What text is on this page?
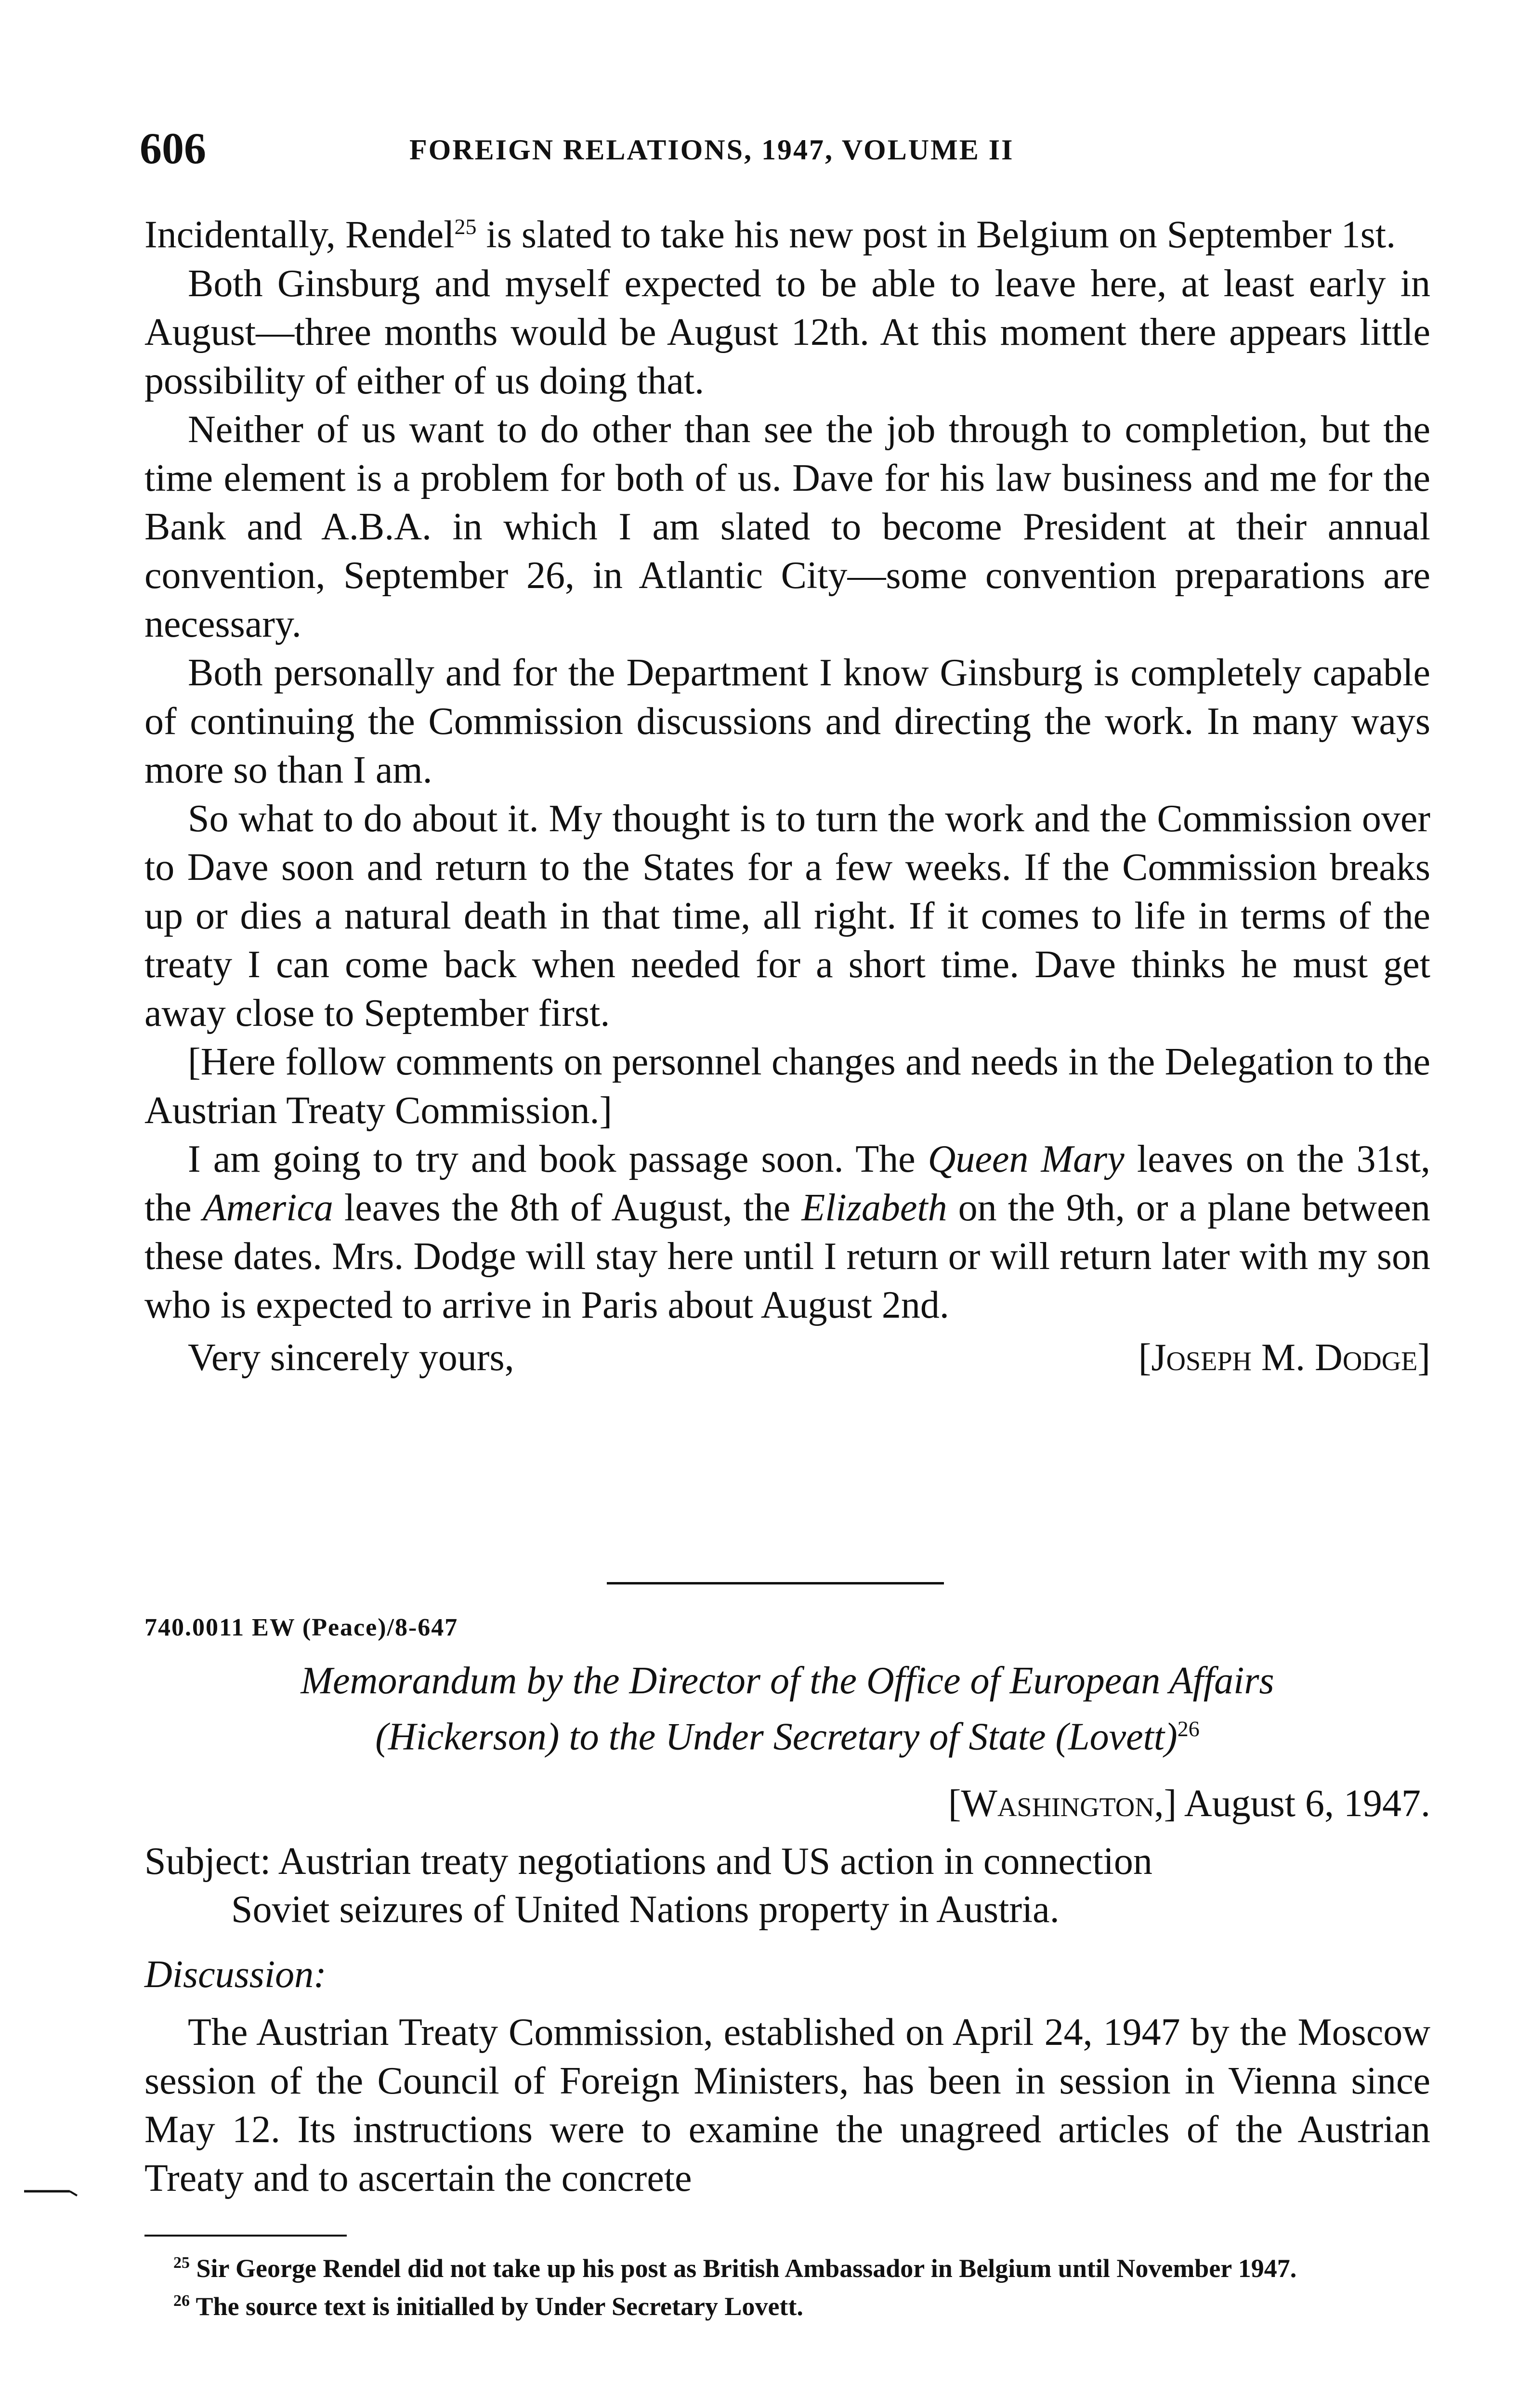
606	FOREIGN RELATIONS, 1947, VOLUME II

Incidentally, Rendel$^{25}$ is slated to take his new post in Belgium on September 1st.

Both Ginsburg and myself expected to be able to leave here, at least early in August—three months would be August 12th. At this moment there appears little possibility of either of us doing that.

Neither of us want to do other than see the job through to completion, but the time element is a problem for both of us. Dave for his law business and me for the Bank and A.B.A. in which I am slated to become President at their annual convention, September 26, in Atlantic City—some convention preparations are necessary.

Both personally and for the Department I know Ginsburg is completely capable of continuing the Commission discussions and directing the work. In many ways more so than I am.

So what to do about it. My thought is to turn the work and the Commission over to Dave soon and return to the States for a few weeks. If the Commission breaks up or dies a natural death in that time, all right. If it comes to life in terms of the treaty I can come back when needed for a short time. Dave thinks he must get away close to September first.

[Here follow comments on personnel changes and needs in the Delegation to the Austrian Treaty Commission.]

I am going to try and book passage soon. The Queen Mary leaves on the 31st, the America leaves the 8th of August, the Elizabeth on the 9th, or a plane between these dates. Mrs. Dodge will stay here until I return or will return later with my son who is expected to arrive in Paris about August 2nd.

Very sincerely yours,	[Joseph M. Dodge]
740.0011 EW (Peace)/8-647
Memorandum by the Director of the Office of European Affairs
(Hickerson) to the Under Secretary of State (Lovett)$^{26}$
[Washington,] August 6, 1947.
Subject: Austrian treaty negotiations and US action in connection
Soviet seizures of United Nations property in Austria.
Discussion:

The Austrian Treaty Commission, established on April 24, 1947 by the Moscow session of the Council of Foreign Ministers, has been in session in Vienna since May 12. Its instructions were to examine the unagreed articles of the Austrian Treaty and to ascertain the concrete

$^{25}$ Sir George Rendel did not take up his post as British Ambassador in Belgium until November 1947.

$^{26}$ The source text is initialled by Under Secretary Lovett.
